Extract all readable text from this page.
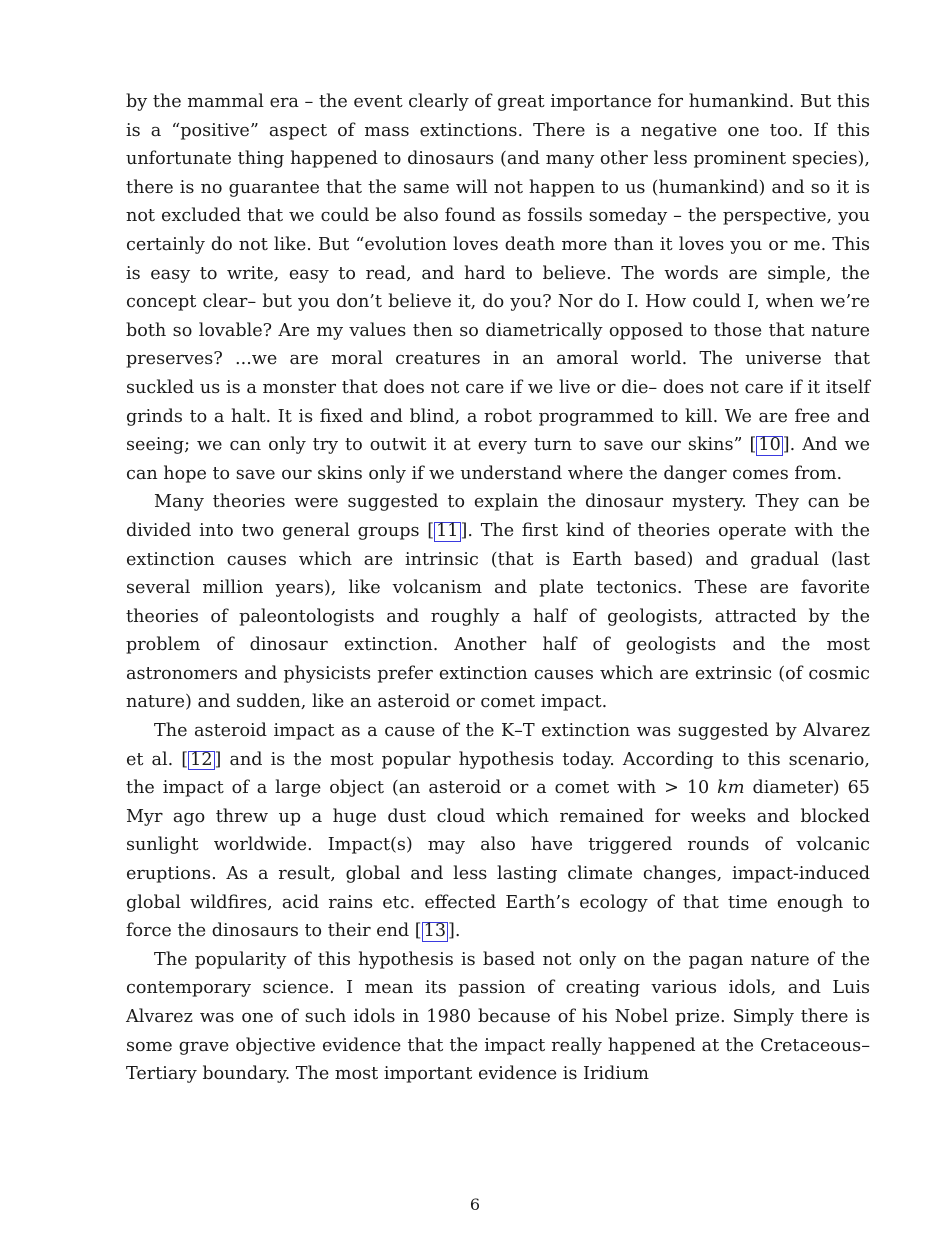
by the mammal era – the event clearly of great importance for humankind. But this is a “positive” aspect of mass extinctions. There is a negative one too. If this unfortunate thing happened to dinosaurs (and many other less prominent species), there is no guarantee that the same will not happen to us (humankind) and so it is not excluded that we could be also found as fossils someday – the perspective, you certainly do not like. But “evolution loves death more than it loves you or me. This is easy to write, easy to read, and hard to believe. The words are simple, the concept clear– but you don’t believe it, do you? Nor do I. How could I, when we’re both so lovable? Are my values then so diametrically opposed to those that nature preserves? ...we are moral creatures in an amoral world. The universe that suckled us is a monster that does not care if we live or die– does not care if it itself grinds to a halt. It is fixed and blind, a robot programmed to kill. We are free and seeing; we can only try to outwit it at every turn to save our skins” [ 10 ]. And we can hope to save our skins only if we understand where the danger comes from.

Many theories were suggested to explain the dinosaur mystery. They can be divided into two general groups [ 11 ]. The first kind of theories operate with the extinction causes which are intrinsic (that is Earth based) and gradual (last several million years), like volcanism and plate tectonics. These are favorite theories of paleontologists and roughly a half of geologists, attracted by the problem of dinosaur extinction. Another half of geologists and the most astronomers and physicists prefer extinction causes which are extrinsic (of cosmic nature) and sudden, like an asteroid or comet impact.

The asteroid impact as a cause of the K–T extinction was suggested by Alvarez et al. [ 12 ] and is the most popular hypothesis today. According to this scenario, the impact of a large object (an asteroid or a comet with > 10 km diameter) 65 Myr ago threw up a huge dust cloud which remained for weeks and blocked sunlight worldwide. Impact(s) may also have triggered rounds of volcanic eruptions. As a result, global and less lasting climate changes, impact-induced global wildfires, acid rains etc. effected Earth’s ecology of that time enough to force the dinosaurs to their end [ 13 ].

The popularity of this hypothesis is based not only on the pagan nature of the contemporary science. I mean its passion of creating various idols, and Luis Alvarez was one of such idols in 1980 because of his Nobel prize. Simply there is some grave objective evidence that the impact really happened at the Cretaceous–Tertiary boundary. The most important evidence is Iridium

6
